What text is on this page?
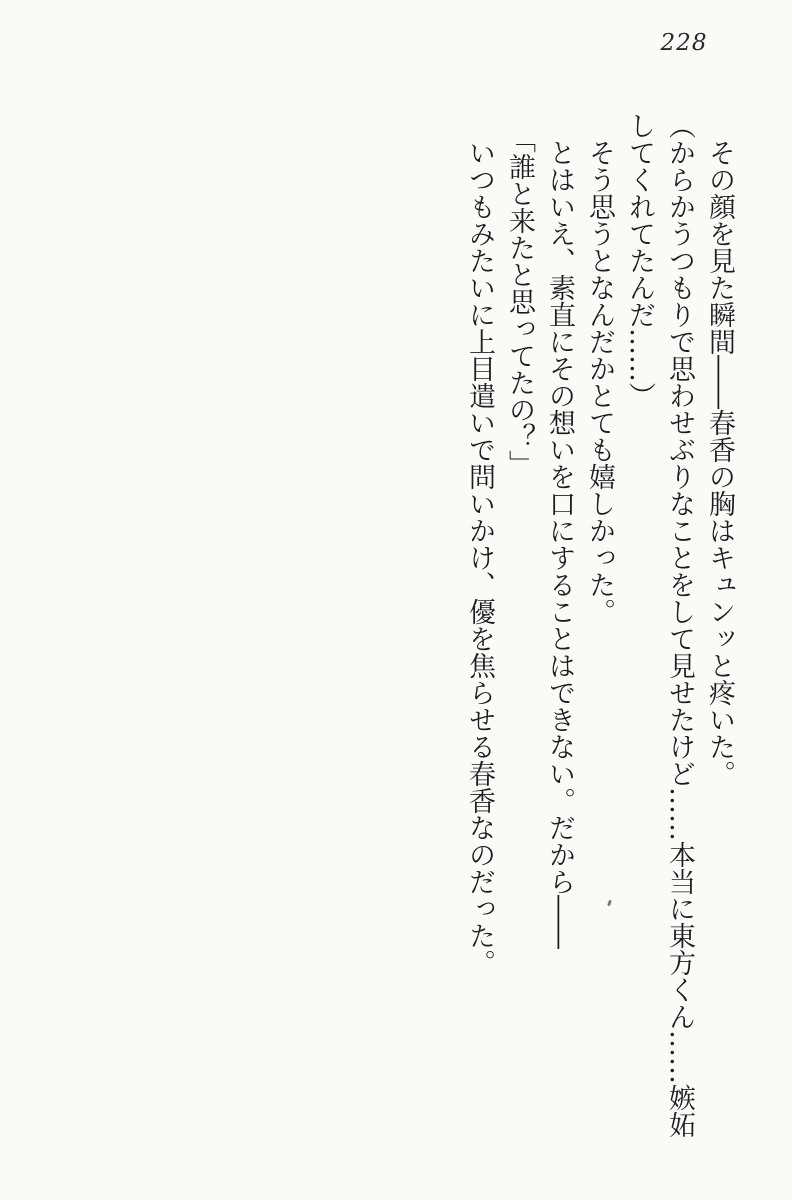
228

その顔を見た瞬間――春香の胸はキュンッと疼いた。

（からかうつもりで思わせぶりなことをして見せたけど……本当に東方くん……嫉妬

してくれてたんだ……）

そう思うとなんだかとても嬉しかった。

とはいえ、素直にその想いを口にすることはできない。だから――

「誰と来たと思ってたの？」

いつもみたいに上目遣いで問いかけ、優を焦らせる春香なのだった。
